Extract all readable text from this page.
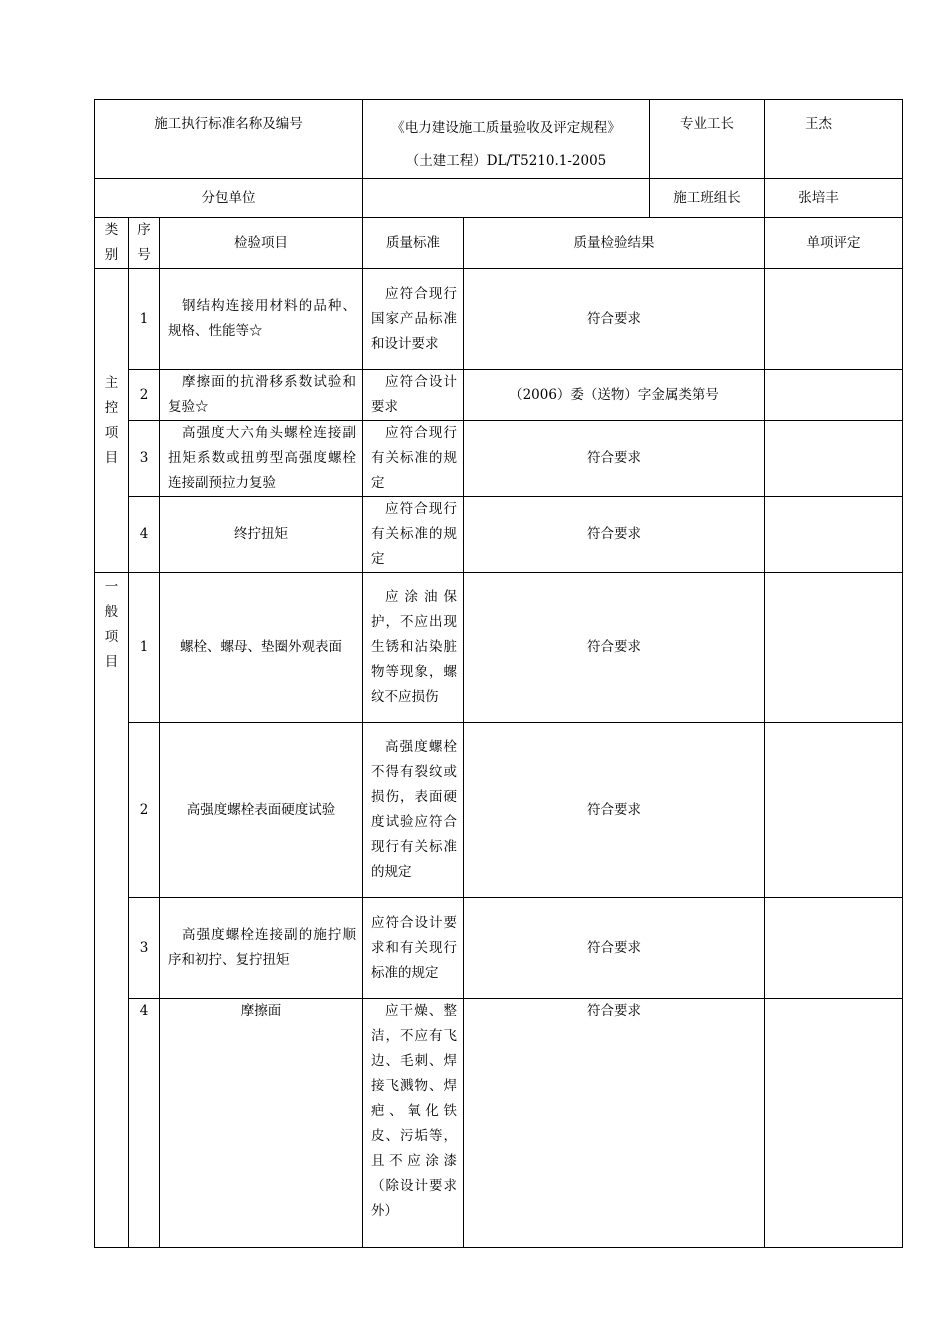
施工执行标准名称及编号			《电力建设施工质量验收及评定规程》
（土建工程）DL/T5210.1-2005		专业工长	王杰
分包单位					施工班组长	张培丰
类别	序号	检验项目	质量标准	质量检验结果		单项评定
主控项目	1	钢结构连接用材料的品种、规格、性能等☆	应符合现行国家产品标准和设计要求	符合要求		
	2	摩擦面的抗滑移系数试验和复验☆	应符合设计要求	（2006）委（送物）字金属类第号		
	3	高强度大六角头螺栓连接副扭矩系数或扭剪型高强度螺栓连接副预拉力复验	应符合现行有关标准的规定	符合要求		
	4	终拧扭矩	应符合现行有关标准的规定	符合要求		
一般项目	1	螺栓、螺母、垫圈外观表面	应涂油保护，不应出现生锈和沾染脏物等现象，螺纹不应损伤	符合要求		
	2	高强度螺栓表面硬度试验	高强度螺栓不得有裂纹或损伤，表面硬度试验应符合现行有关标准的规定	符合要求		
	3	高强度螺栓连接副的施拧顺序和初拧、复拧扭矩	应符合设计要求和有关现行标准的规定	符合要求		
	4	摩擦面	应干燥、整洁，不应有飞边、毛刺、焊接飞溅物、焊疤、氧化铁皮、污垢等，且不应涂漆（除设计要求外）	符合要求		
